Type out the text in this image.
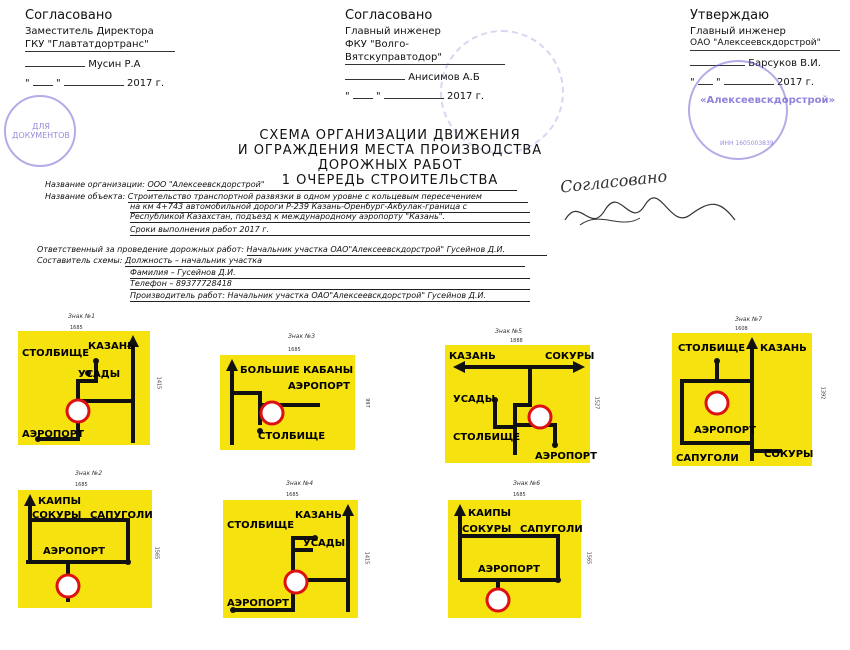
Согласовано
Заместитель Директора
ГКУ "Главтатдортранс"
Мусин Р.А
"	"	2017 г.
ДЛЯ ДОКУМЕНТОВ
Согласовано
Главный инженер
ФКУ "Волго-Вятскуправтодор"
Анисимов А.Б
"	"	2017 г.
Утверждаю
Главный инженер
ОАО "Алексеевскдорстрой"
Барсуков В.И.
" "	2017 г.
«Алексеевскдорстрой»
ИНН 1605003839
СХЕМА ОРГАНИЗАЦИИ ДВИЖЕНИЯ
И ОГРАЖДЕНИЯ МЕСТА ПРОИЗВОДСТВА ДОРОЖНЫХ РАБОТ
1 ОЧЕРЕДЬ СТРОИТЕЛЬСТВА	Согласовано
Название организации: ООО "Алексеевскдорстрой"
Название объекта: Строительство транспортной развязки в одном уровне с кольцевым пересечением
на км 4+743 автомобильной дороги Р-239 Казань-Оренбург-Акбулак-граница с
Республикой Казахстан, подъезд к международному аэропорту "Казань".
Сроки выполнения работ 2017 г.
Ответственный за проведение дорожных работ: Начальник участка ОАО"Алексеевскдорстрой" Гусейнов Д.И.
Составитель схемы: Должность – начальник участка
Фамилия – Гусейнов Д.И.
Телефон – 89377728418
Производитель работ: Начальник участка ОАО"Алексеевскдорстрой" Гусейнов Д.И.
Знак №1
1685
1415
СТОЛБИЩЕ
КАЗАНЬ
УСАДЫ
АЭРОПОРТ
Знак №3
1685
997
БОЛЬШИЕ КАБАНЫ
АЭРОПОРТ
СТОЛБИЩЕ
Знак №5
1888
1527
КАЗАНЬ	СОКУРЫ
УСАДЫ
СТОЛБИЩЕ
АЭРОПОРТ
Знак №7
1608
1392
СТОЛБИЩЕ КАЗАНЬ
АЭРОПОРТ
САПУГОЛИ	СОКУРЫ
Знак №2
1685
1565
КАИПЫ
СОКУРЫ САПУГОЛИ
АЭРОПОРТ
Знак №4
1685
1415
СТОЛБИЩЕ
КАЗАНЬ
УСАДЫ
АЭРОПОРТ
Знак №6
1685
1565
КАИПЫ
СОКУРЫ САПУГОЛИ
АЭРОПОРТ
